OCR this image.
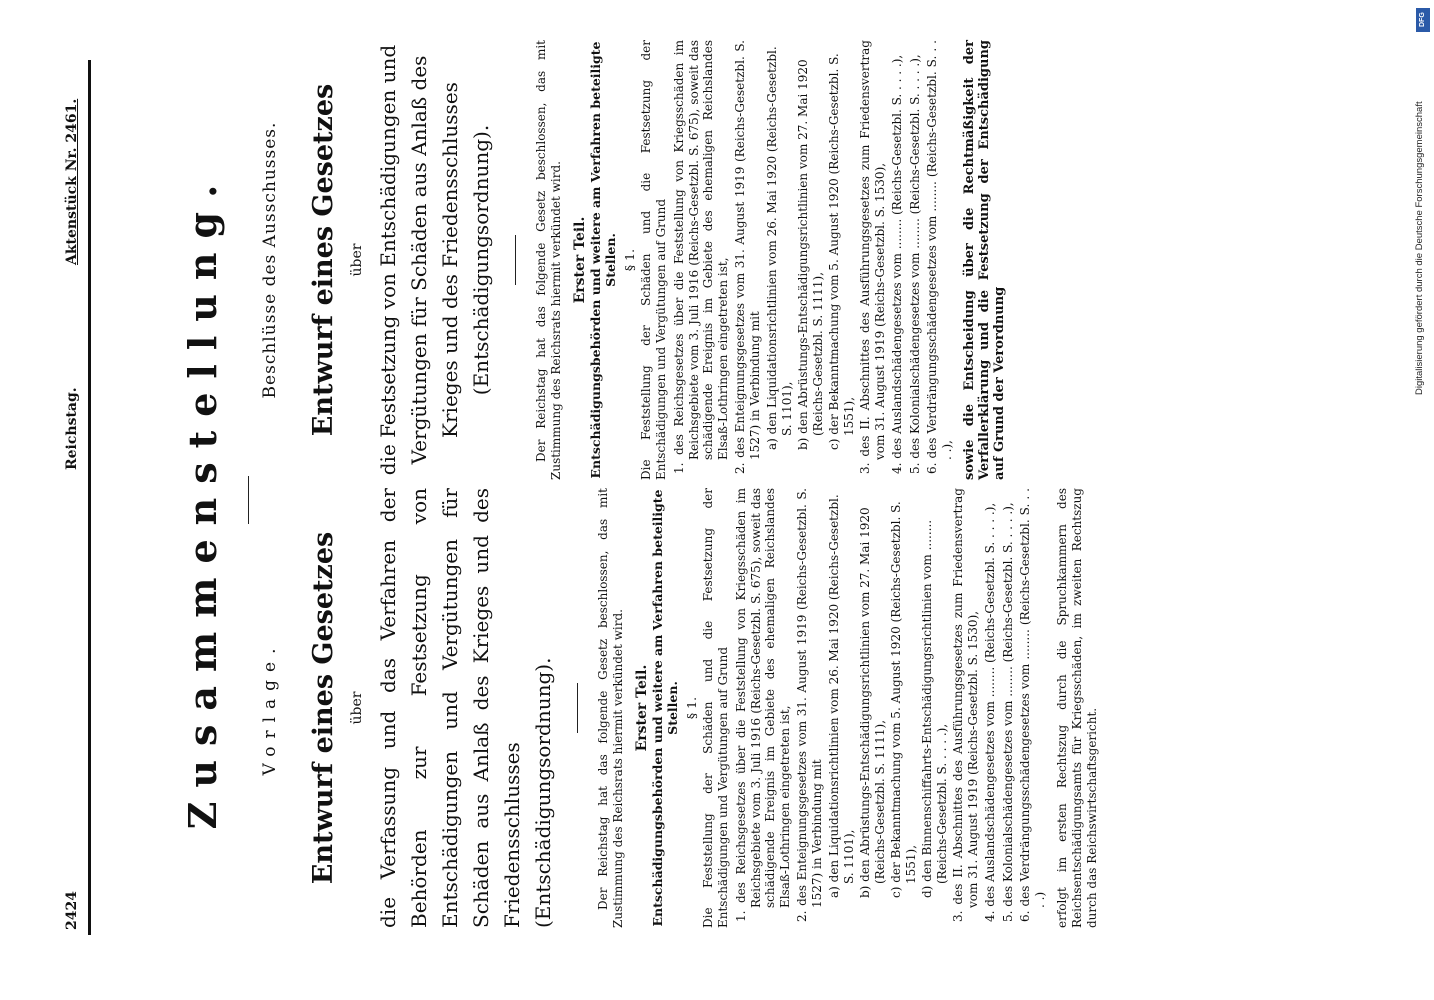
2424
Reichstag.
Aktenstück Nr. 2461.	Zusammenstellung. Vorlage. Entwurf eines Gesetzes über die Verfassung und das Verfahren der Behörden zur Festsetzung von Entschädigungen und Vergütungen für Schäden aus Anlaß des Krieges und des Friedensschlusses (Entschädigungsordnung).	Der Reichstag hat das folgende Gesetz beschlossen, das mit Zustimmung des Reichsrats hiermit verkündet wird. Erster Teil. Entschädigungsbehörden und weitere am Verfahren beteiligte Stellen. § 1. Die Feststellung der Schäden und die Festsetzung der Entschädigungen und Vergütungen auf Grund 1. des Reichsgesetzes über die Feststellung von Kriegsschäden im Reichsgebiete vom 3. Juli 1916 (Reichs-Gesetzbl. S. 675), soweit das schädigende Ereignis im Gebiete des ehemaligen Reichslandes Elsaß-Lothringen eingetreten ist, 2. des Enteignungsgesetzes vom 31. August 1919 (Reichs-Gesetzbl. S. 1527) in Verbindung mit a) den Liquidationsrichtlinien vom 26. Mai 1920 (Reichs-Gesetzbl. S. 1101), b) den Abrüstungs-Entschädigungsrichtlinien vom 27. Mai 1920 (Reichs-Gesetzbl. S. 1111), c) der Bekanntmachung vom 5. August 1920 (Reichs-Gesetzbl. S. 1551), d) den Binnenschiffahrts-Entschädigungsrichtlinien vom ........ (Reichs-Gesetzbl. S. . . . .), 3. des II. Abschnittes des Ausführungsgesetzes zum Friedensvertrag vom 31. August 1919 (Reichs-Gesetzbl. S. 1530), 4. des Auslandschädengesetzes vom ........ (Reichs-Gesetzbl. S. . . . .), 5. des Kolonialschädengesetzes vom ........ (Reichs-Gesetzbl. S. . . . .), 6. des Verdrängungsschädengesetzes vom ........ (Reichs-Gesetzbl. S. . . . .) erfolgt im ersten Rechtszug durch die Spruchkammern des Reichsentschädigungsamts für Kriegsschäden, im zweiten Rechtszug durch das Reichswirtschaftsgericht.

Beschlüsse des Ausschusses. Entwurf eines Gesetzes über die Festsetzung von Entschädigungen und Vergütungen für Schäden aus Anlaß des Krieges und des Friedensschlusses (Entschädigungsordnung).	Der Reichstag hat das folgende Gesetz beschlossen, das mit Zustimmung des Reichsrats hiermit verkündet wird. Erster Teil. Entschädigungsbehörden und weitere am Verfahren beteiligte Stellen. § 1. Die Feststellung der Schäden und die Festsetzung der Entschädigungen und Vergütungen auf Grund 1. des Reichsgesetzes über die Feststellung von Kriegsschäden im Reichsgebiete vom 3. Juli 1916 (Reichs-Gesetzbl. S. 675), soweit das schädigende Ereignis im Gebiete des ehemaligen Reichslandes Elsaß-Lothringen eingetreten ist, 2. des Enteignungsgesetzes vom 31. August 1919 (Reichs-Gesetzbl. S. 1527) in Verbindung mit a) den Liquidationsrichtlinien vom 26. Mai 1920 (Reichs-Gesetzbl. S. 1101), b) den Abrüstungs-Entschädigungsrichtlinien vom 27. Mai 1920 (Reichs-Gesetzbl. S. 1111), c) der Bekanntmachung vom 5. August 1920 (Reichs-Gesetzbl. S. 1551), 3. des II. Abschnittes des Ausführungsgesetzes zum Friedensvertrag vom 31. August 1919 (Reichs-Gesetzbl. S. 1530), 4. des Auslandschädengesetzes vom ........ (Reichs-Gesetzbl. S. . . . .), 5. des Kolonialschädengesetzes vom ........ (Reichs-Gesetzbl. S. . . . .), 6. des Verdrängungsschädengesetzes vom ........ (Reichs-Gesetzbl. S. . . . .), sowie die Entscheidung über die Rechtmäßigkeit der Verfallerklärung und die Festsetzung der Entschädigung auf Grund der Verordnung	Digitalisierung gefördert durch die Deutsche Forschungsgemeinschaft
DFG
